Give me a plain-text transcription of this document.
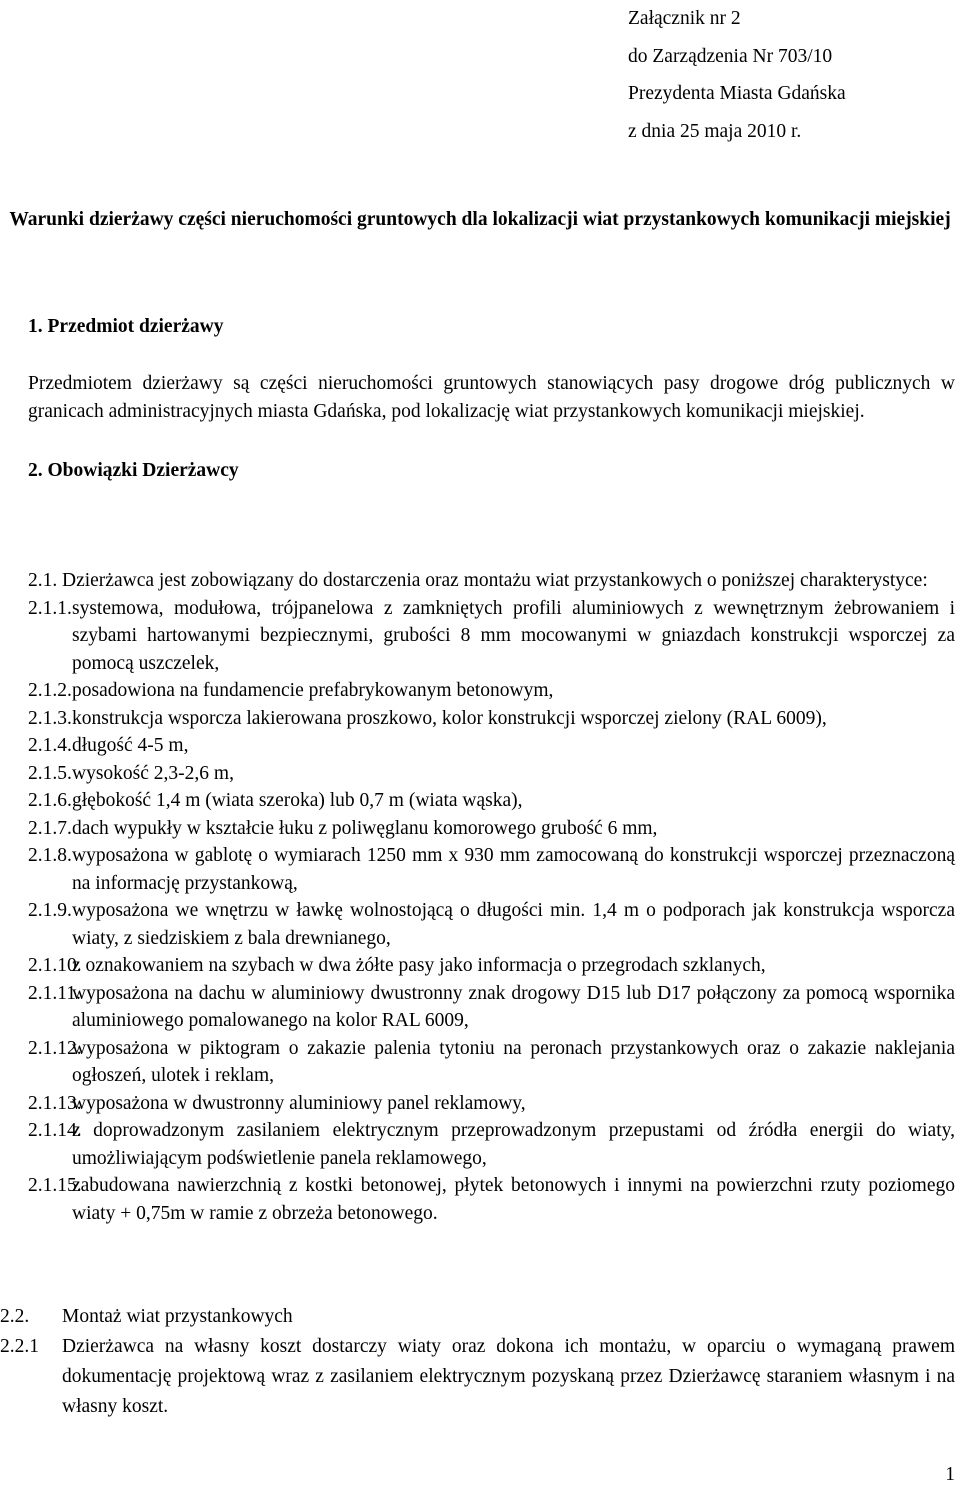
Załącznik nr 2
do Zarządzenia Nr 703/10
Prezydenta Miasta Gdańska
z dnia 25 maja 2010 r.
Warunki dzierżawy części nieruchomości gruntowych dla lokalizacji wiat przystankowych komunikacji miejskiej

1. Przedmiot dzierżawy

Przedmiotem dzierżawy są części nieruchomości gruntowych stanowiących pasy drogowe dróg publicznych w granicach administracyjnych miasta Gdańska, pod lokalizację wiat przystankowych komunikacji miejskiej.

2. Obowiązki Dzierżawcy

2.1. Dzierżawca jest zobowiązany do dostarczenia oraz montażu wiat przystankowych o poniższej charakterystyce:
2.1.1. systemowa, modułowa, trójpanelowa z zamkniętych profili aluminiowych z wewnętrznym żebrowaniem i szybami hartowanymi bezpiecznymi, grubości 8 mm mocowanymi w gniazdach konstrukcji wsporczej za pomocą uszczelek,
2.1.2. posadowiona na fundamencie prefabrykowanym betonowym,
2.1.3. konstrukcja wsporcza lakierowana proszkowo, kolor konstrukcji wsporczej zielony (RAL 6009),
2.1.4. długość 4-5 m,
2.1.5. wysokość 2,3-2,6 m,
2.1.6. głębokość 1,4 m (wiata szeroka) lub 0,7 m (wiata wąska),
2.1.7. dach wypukły w kształcie łuku z poliwęglanu komorowego grubość 6 mm,
2.1.8. wyposażona w gablotę o wymiarach 1250 mm x 930 mm zamocowaną do konstrukcji wsporczej przeznaczoną na informację przystankową,
2.1.9. wyposażona we wnętrzu w ławkę wolnostojącą o długości min. 1,4 m o podporach jak konstrukcja wsporcza wiaty, z siedziskiem z bala drewnianego,
2.1.10.
z oznakowaniem na szybach w dwa żółte pasy jako informacja o przegrodach szklanych,
2.1.11.
wyposażona na dachu w aluminiowy dwustronny znak drogowy D15 lub D17 połączony za pomocą wspornika aluminiowego pomalowanego na kolor RAL 6009,
2.1.12.
wyposażona w piktogram o zakazie palenia tytoniu na peronach przystankowych oraz o zakazie naklejania ogłoszeń, ulotek i reklam,
2.1.13.
wyposażona w dwustronny aluminiowy panel reklamowy,
2.1.14.
z doprowadzonym zasilaniem elektrycznym przeprowadzonym przepustami od źródła energii do wiaty, umożliwiającym podświetlenie panela reklamowego,
2.1.15.
zabudowana nawierzchnią z kostki betonowej, płytek betonowych i innymi na powierzchni rzuty poziomego wiaty + 0,75m w ramie z obrzeża betonowego.
2.2.	Montaż wiat przystankowych
2.2.1	Dzierżawca na własny koszt dostarczy wiaty oraz dokona ich montażu, w oparciu o wymaganą prawem dokumentację projektową wraz z zasilaniem elektrycznym pozyskaną przez Dzierżawcę staraniem własnym i na własny koszt.
1
